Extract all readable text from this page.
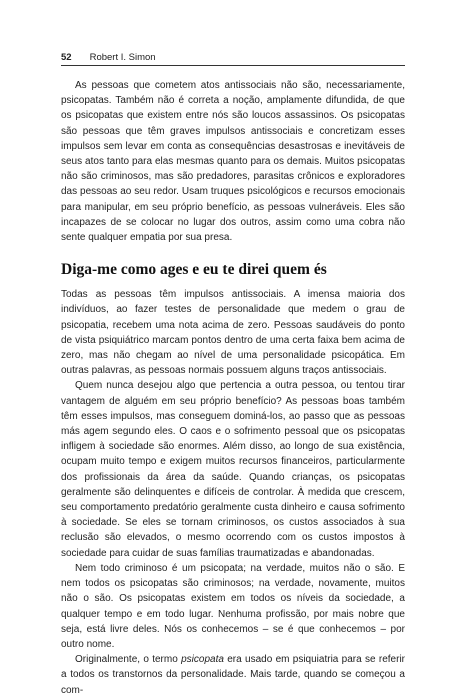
52 Robert I. Simon

As pessoas que cometem atos antissociais não são, necessariamente, psicopatas. Também não é correta a noção, amplamente difundida, de que os psicopatas que existem entre nós são loucos assassinos. Os psicopatas são pessoas que têm graves impulsos antissociais e concretizam esses impulsos sem levar em conta as consequências desastrosas e inevitáveis de seus atos tanto para elas mesmas quanto para os demais. Muitos psicopatas não são criminosos, mas são predadores, parasitas crônicos e exploradores das pessoas ao seu redor. Usam truques psicológicos e recursos emocionais para manipular, em seu próprio benefício, as pessoas vulneráveis. Eles são incapazes de se colocar no lugar dos outros, assim como uma cobra não sente qualquer empatia por sua presa.

Diga-me como ages e eu te direi quem és

Todas as pessoas têm impulsos antissociais. A imensa maioria dos indivíduos, ao fazer testes de personalidade que medem o grau de psicopatia, recebem uma nota acima de zero. Pessoas saudáveis do ponto de vista psiquiátrico marcam pontos dentro de uma certa faixa bem acima de zero, mas não chegam ao nível de uma personalidade psicopática. Em outras palavras, as pessoas normais possuem alguns traços antissociais.

Quem nunca desejou algo que pertencia a outra pessoa, ou tentou tirar vantagem de alguém em seu próprio benefício? As pessoas boas também têm esses impulsos, mas conseguem dominá-los, ao passo que as pessoas más agem segundo eles. O caos e o sofrimento pessoal que os psicopatas infligem à sociedade são enormes. Além disso, ao longo de sua existência, ocupam muito tempo e exigem muitos recursos financeiros, particularmente dos profissionais da área da saúde. Quando crianças, os psicopatas geralmente são delinquentes e difíceis de controlar. À medida que crescem, seu comportamento predatório geralmente custa dinheiro e causa sofrimento à sociedade. Se eles se tornam criminosos, os custos associados à sua reclusão são elevados, o mesmo ocorrendo com os custos impostos à sociedade para cuidar de suas famílias traumatizadas e abandonadas.

Nem todo criminoso é um psicopata; na verdade, muitos não o são. E nem todos os psicopatas são criminosos; na verdade, novamente, muitos não o são. Os psicopatas existem em todos os níveis da sociedade, a qualquer tempo e em todo lugar. Nenhuma profissão, por mais nobre que seja, está livre deles. Nós os conhecemos – se é que conhecemos – por outro nome.

Originalmente, o termo psicopata era usado em psiquiatria para se referir a todos os transtornos da personalidade. Mais tarde, quando se começou a com-
